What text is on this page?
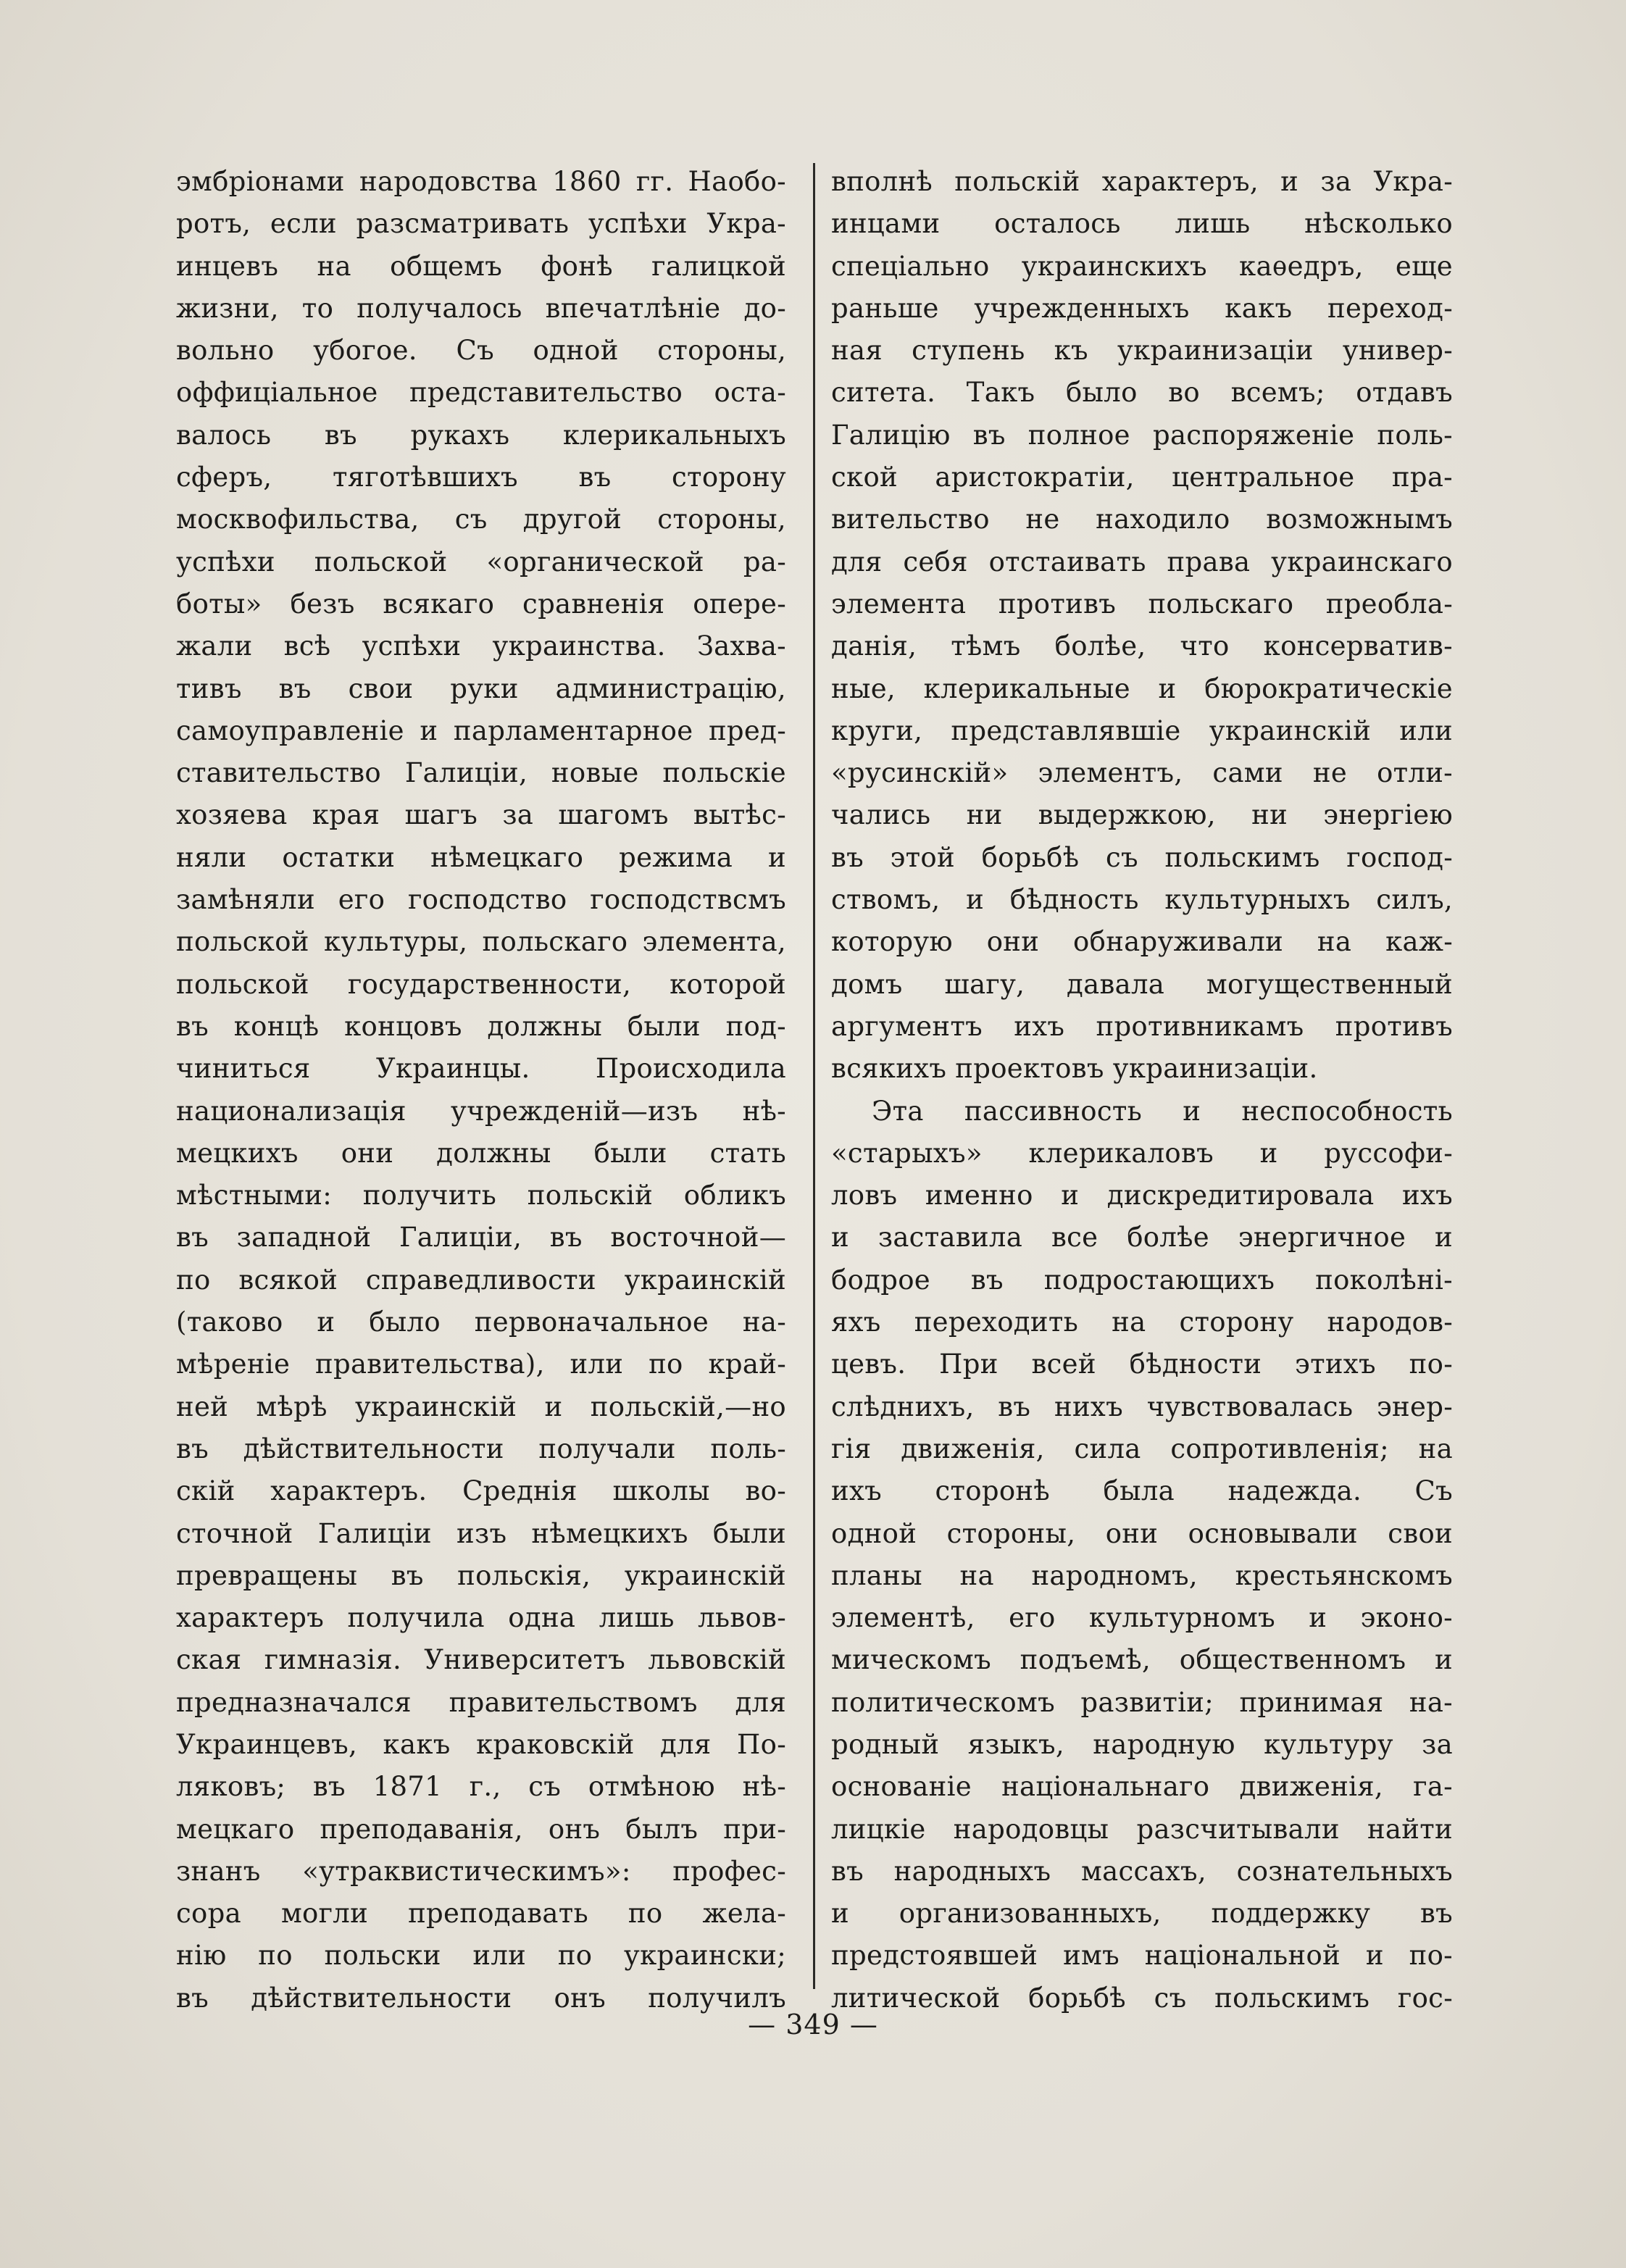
эмбріонами народовства 1860 гг. Наобо-
ротъ, если разсматривать успѣхи Укра-
инцевъ на общемъ фонѣ галицкой
жизни, то получалось впечатлѣніе до-
вольно убогое. Съ одной стороны,
оффиціальное представительство оста-
валось въ рукахъ клерикальныхъ
сферъ, тяготѣвшихъ въ сторону
москвофильства, съ другой стороны,
успѣхи польской «органической ра-
боты» безъ всякаго сравненія опере-
жали всѣ успѣхи украинства. Захва-
тивъ въ свои руки администрацію,
самоуправленіе и парламентарное пред-
ставительство Галиціи, новые польскіе
хозяева края шагъ за шагомъ вытѣс-
няли остатки нѣмецкаго режима и
замѣняли его господство господствсмъ
польской культуры, польскаго элемента,
польской государственности, которой
въ концѣ концовъ должны были под-
чиниться Украинцы. Происходила
национализація учрежденій—изъ нѣ-
мецкихъ они должны были стать
мѣстными: получить польскій обликъ
въ западной Галиціи, въ восточной—
по всякой справедливости украинскій
(таково и было первоначальное на-
мѣреніе правительства), или по край-
ней мѣрѣ украинскій и польскій,—но
въ дѣйствительности получали поль-
скій характеръ. Среднія школы во-
сточной Галиціи изъ нѣмецкихъ были
превращены въ польскія, украинскій
характеръ получила одна лишь львов-
ская гимназія. Университетъ львовскій
предназначался правительствомъ для
Украинцевъ, какъ краковскій для По-
ляковъ; въ 1871 г., съ отмѣною нѣ-
мецкаго преподаванія, онъ былъ при-
знанъ «утраквистическимъ»: профес-
сора могли преподавать по жела-
нію по польски или по украински;
въ дѣйствительности онъ получилъ
вполнѣ польскій характеръ, и за Укра-
инцами осталось лишь нѣсколько
спеціально украинскихъ каѳедръ, еще
раньше учрежденныхъ какъ переход-
ная ступень къ украинизаціи универ-
ситета. Такъ было во всемъ; отдавъ
Галицію въ полное распоряженіе поль-
ской аристократіи, центральное пра-
вительство не находило возможнымъ
для себя отстаивать права украинскаго
элемента противъ польскаго преобла-
данія, тѣмъ болѣе, что консерватив-
ные, клерикальные и бюрократическіе
круги, представлявшіе украинскій или
«русинскій» элементъ, сами не отли-
чались ни выдержкою, ни энергіею
въ этой борьбѣ съ польскимъ господ-
ствомъ, и бѣдность культурныхъ силъ,
которую они обнаруживали на каж-
домъ шагу, давала могущественный
аргументъ ихъ противникамъ противъ
всякихъ проектовъ украинизаціи.
Эта пассивность и неспособность
«старыхъ» клерикаловъ и руссофи-
ловъ именно и дискредитировала ихъ
и заставила все болѣе энергичное и
бодрое въ подростающихъ поколѣні-
яхъ переходить на сторону народов-
цевъ. При всей бѣдности этихъ по-
слѣднихъ, въ нихъ чувствовалась энер-
гія движенія, сила сопротивленія; на
ихъ сторонѣ была надежда. Съ
одной стороны, они основывали свои
планы на народномъ, крестьянскомъ
элементѣ, его культурномъ и эконо-
мическомъ подъемѣ, общественномъ и
политическомъ развитіи; принимая на-
родный языкъ, народную культуру за
основаніе національнаго движенія, га-
лицкіе народовцы разсчитывали найти
въ народныхъ массахъ, сознательныхъ
и организованныхъ, поддержку въ
предстоявшей имъ національной и по-
литической борьбѣ съ польскимъ гос-
— 349 —
